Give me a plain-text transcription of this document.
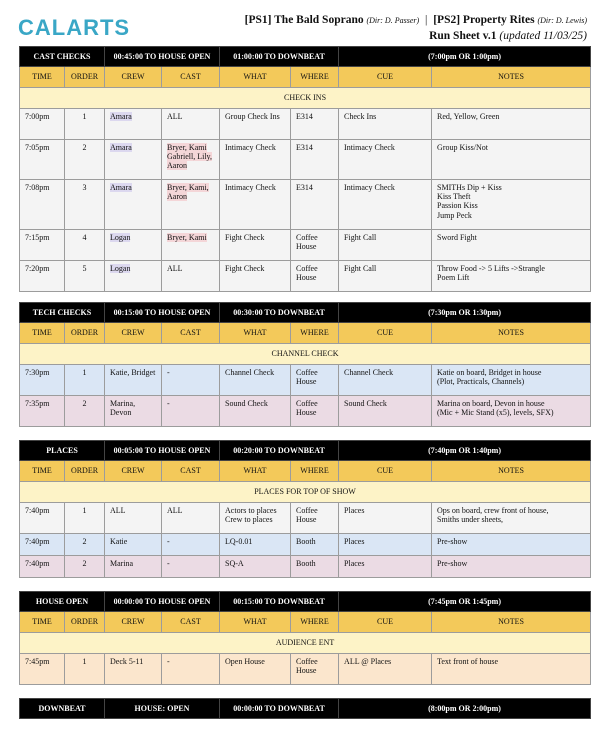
CALARTS	[PS1] The Bald Soprano (Dir: D. Passer) | [PS2] Property Rites (Dir: D. Lewis)
Run Sheet v.1 (updated 11/03/25)
CAST CHECKS		00:45:00 TO HOUSE OPEN		01:00:00 TO DOWNBEAT		(7:00pm OR 1:00pm)	
TIME	ORDER	CREW	CAST	WHAT	WHERE	CUE	NOTES
CHECK INS							
7:00pm	1	Amara	ALL	Group Check Ins	E314	Check Ins	Red, Yellow, Green
7:05pm	2	Amara	Bryer, Kami Gabriell, Lily, Aaron	Intimacy Check	E314	Intimacy Check	Group Kiss/Not
7:08pm	3	Amara	Bryer, Kami, Aaron	Intimacy Check	E314	Intimacy Check	SMITHs Dip + Kiss
Kiss Theft
Passion Kiss
Jump Peck
7:15pm	4	Logan	Bryer, Kami	Fight Check	Coffee House	Fight Call	Sword Fight
7:20pm	5	Logan	ALL	Fight Check	Coffee House	Fight Call	Throw Food -> 5 Lifts ->Strangle
Poem Lift
TECH CHECKS		00:15:00 TO HOUSE OPEN		00:30:00 TO DOWNBEAT		(7:30pm OR 1:30pm)	
TIME	ORDER	CREW	CAST	WHAT	WHERE	CUE	NOTES
CHANNEL CHECK							
7:30pm	1	Katie, Bridget	-	Channel Check	Coffee House	Channel Check	Katie on board, Bridget in house
(Plot, Practicals, Channels)
7:35pm	2	Marina, Devon	-	Sound Check	Coffee House	Sound Check	Marina on board, Devon in house
(Mic + Mic Stand (x5), levels, SFX)
PLACES		00:05:00 TO HOUSE OPEN		00:20:00 TO DOWNBEAT		(7:40pm OR 1:40pm)	
TIME	ORDER	CREW	CAST	WHAT	WHERE	CUE	NOTES
PLACES FOR TOP OF SHOW							
7:40pm	1	ALL	ALL	Actors to places
Crew to places	Coffee House	Places	Ops on board, crew front of house,
Smiths under sheets,
7:40pm	2	Katie	-	LQ-0.01	Booth	Places	Pre-show
7:40pm	2	Marina	-	SQ-A	Booth	Places	Pre-show
HOUSE OPEN		00:00:00 TO HOUSE OPEN		00:15:00 TO DOWNBEAT		(7:45pm OR 1:45pm)	
TIME	ORDER	CREW	CAST	WHAT	WHERE	CUE	NOTES
AUDIENCE ENT							
7:45pm	1	Deck 5-11	-	Open House	Coffee House	ALL @ Places	Text front of house
DOWNBEAT	HOUSE: OPEN	00:00:00 TO DOWNBEAT	(8:00pm OR 2:00pm)
